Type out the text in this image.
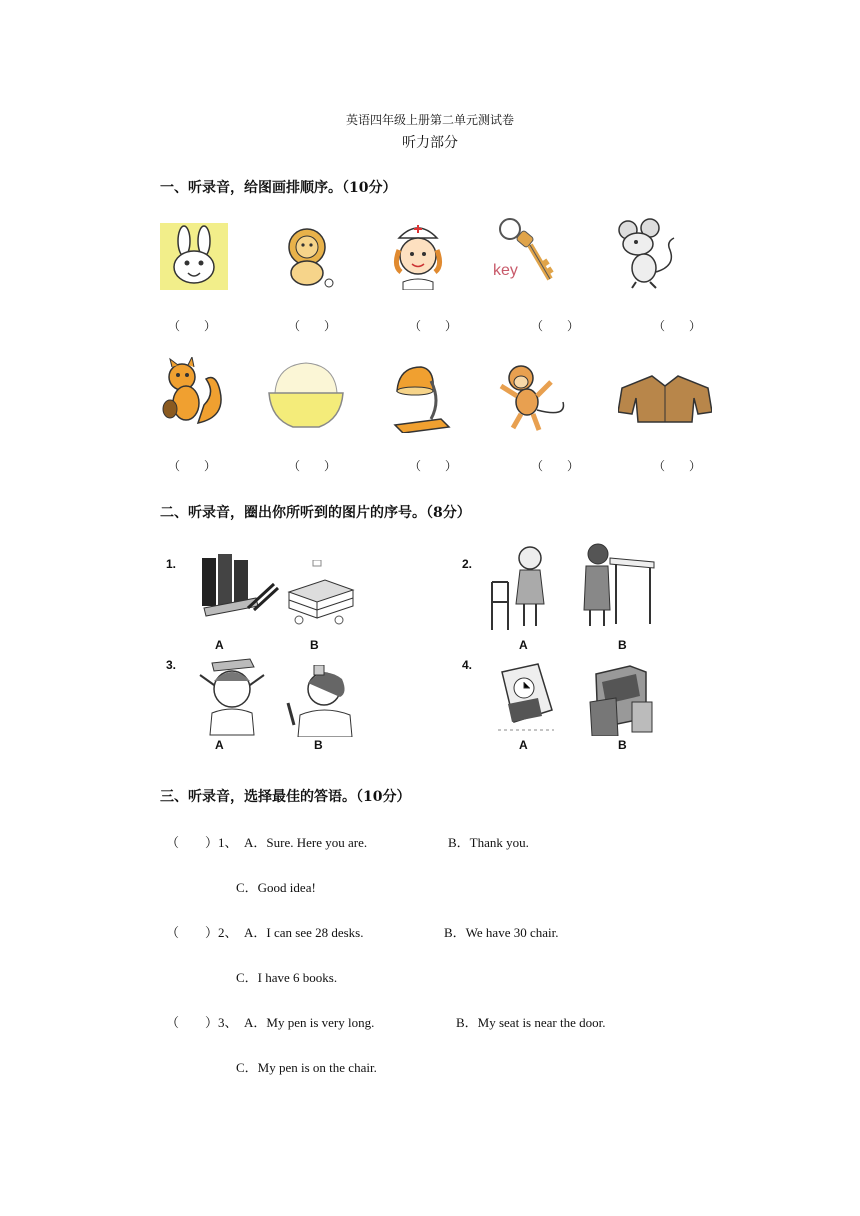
英语四年级上册第二单元测试卷
听力部分
一、听录音，给图画排顺序。（10分）
key
（　　）	（　　）	（　　）	（　　）	（　　）
（　　）	（　　）	（　　）	（　　）	（　　）
二、听录音，圈出你所听到的图片的序号。（8分）
1.
A	B
2.
A	B
3.
A	B
4.
A	B
三、听录音，选择最佳的答语。（10分）
（　　）1、 A．Sure. Here you are.	B．Thank you.
C．Good idea!
（　　）2、 A．I can see 28 desks.	B．We have 30 chair.
C．I have 6 books.
（　　）3、 A．My pen is very long.	B．My seat is near the door.
C．My pen is on the chair.
